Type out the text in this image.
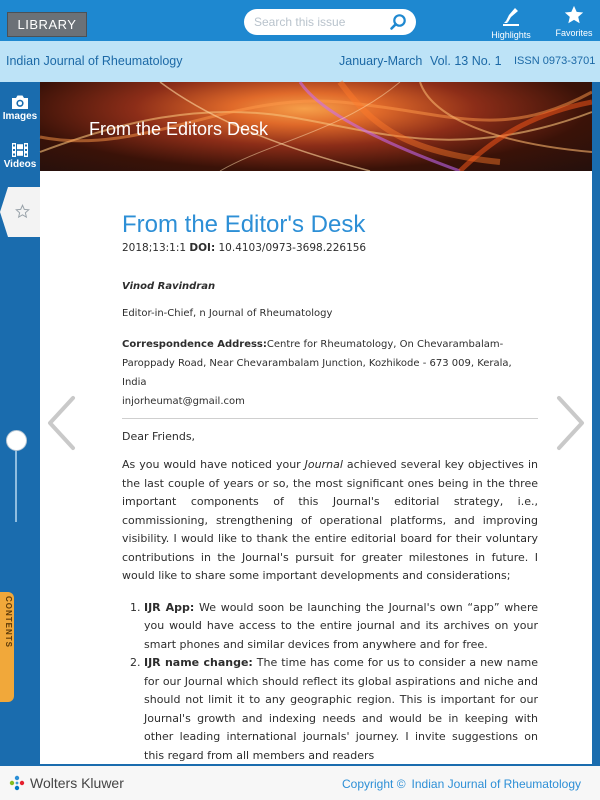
LIBRARY
Search this issue
Highlights	Favorites
Indian Journal of Rheumatology	January-March Vol. 13 No. 1 ISSN 0973-3701
Images
Videos
CONTENTS
From the Editors Desk
From the Editor's Desk
2018;13:1:1 DOI: 10.4103/0973-3698.226156
Vinod Ravindran
Editor-in-Chief, n Journal of Rheumatology
Correspondence Address:Centre for Rheumatology, On Chevarambalam-Paroppady Road, Near Chevarambalam Junction, Kozhikode - 673 009, Kerala, India
injorheumat@gmail.com
Dear Friends,

As you would have noticed your Journal achieved several key objectives in the last couple of years or so, the most significant ones being in the three important components of this Journal's editorial strategy, i.e., commissioning, strengthening of operational platforms, and improving visibility. I would like to thank the entire editorial board for their voluntary contributions in the Journal's pursuit for greater milestones in future. I would like to share some important developments and considerations;

1. IJR App: We would soon be launching the Journal's own “app” where you would have access to the entire journal and its archives on your smart phones and similar devices from anywhere and for free.
2. IJR name change: The time has come for us to consider a new name for our Journal which should reflect its global aspirations and niche and should not limit it to any geographic region. This is important for our Journal's growth and indexing needs and would be in keeping with other leading international journals' journey. I invite suggestions on this regard from all members and readers
3.
Wolters Kluwer	Copyright © Indian Journal of Rheumatology
